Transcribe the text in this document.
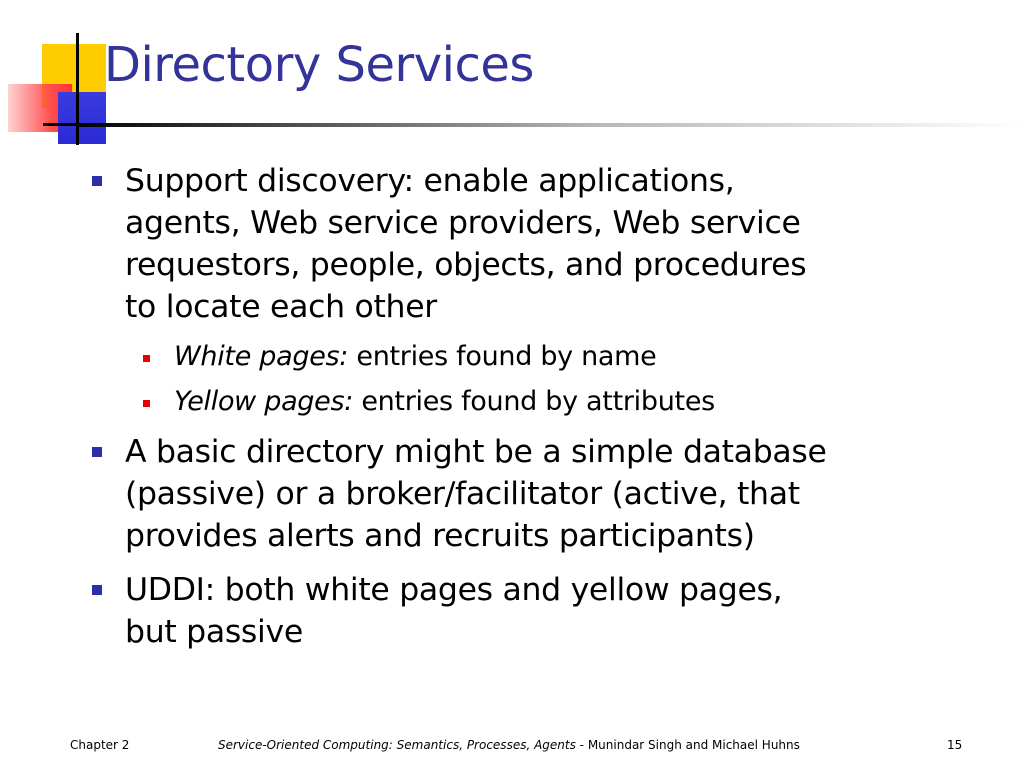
Directory Services
Support discovery: enable applications,
agents, Web service providers, Web service
requestors, people, objects, and procedures
to locate each other
White pages: entries found by name
Yellow pages: entries found by attributes
A basic directory might be a simple database
(passive) or a broker/facilitator (active, that
provides alerts and recruits participants)
UDDI: both white pages and yellow pages,
but passive
Chapter 2	Service-Oriented Computing: Semantics, Processes, Agents - Munindar Singh and Michael Huhns	15
